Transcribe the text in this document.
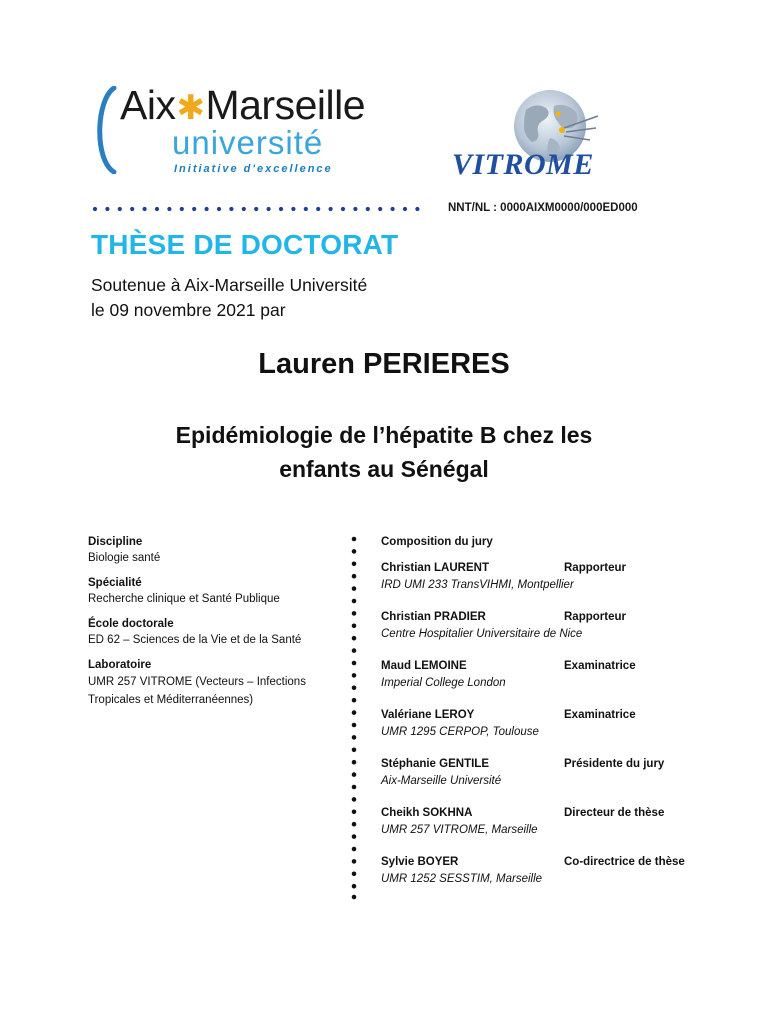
Aix✱Marseille
université
Initiative d'excellence	VITROME
NNT/NL : 0000AIXM0000/000ED000
THÈSE DE DOCTORAT
Soutenue à Aix-Marseille Université
le 09 novembre 2021 par
Lauren PERIERES
Epidémiologie de l’hépatite B chez les
enfants au Sénégal
Discipline
Biologie santé
Spécialité
Recherche clinique et Santé Publique
École doctorale
ED 62 – Sciences de la Vie et de la Santé
Laboratoire
UMR 257 VITROME (Vecteurs – Infections Tropicales et Méditerranéennes)
Composition du jury
Christian LAURENT	Rapporteur
IRD UMI 233 TransVIHMI, Montpellier
Christian PRADIER	Rapporteur
Centre Hospitalier Universitaire de Nice
Maud LEMOINE	Examinatrice
Imperial College London
Valériane LEROY	Examinatrice
UMR 1295 CERPOP, Toulouse
Stéphanie GENTILE	Présidente du jury
Aix-Marseille Université
Cheikh SOKHNA	Directeur de thèse
UMR 257 VITROME, Marseille
Sylvie BOYER	Co-directrice de thèse
UMR 1252 SESSTIM, Marseille
